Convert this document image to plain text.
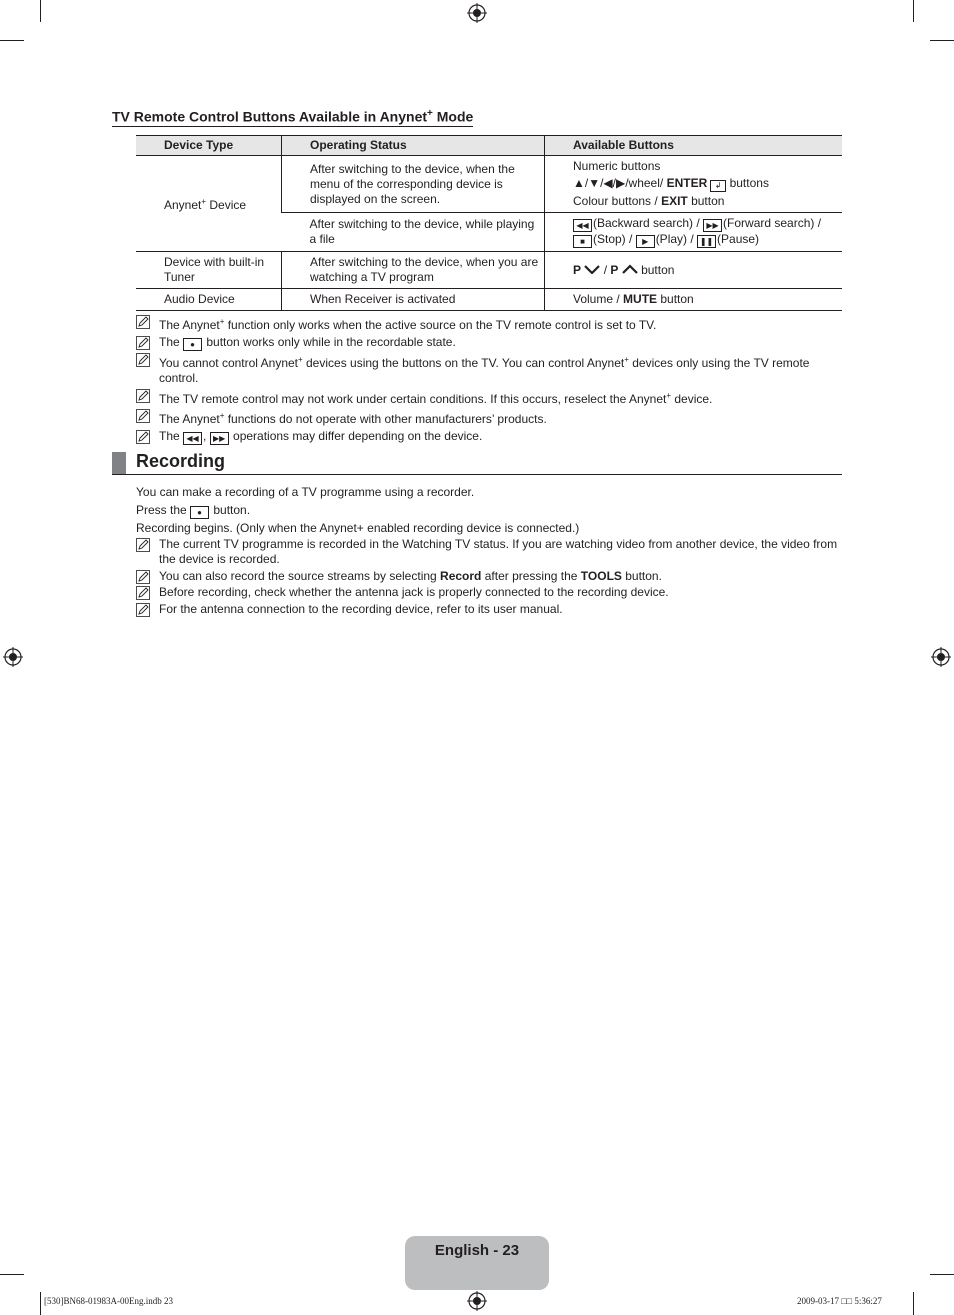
TV Remote Control Buttons Available in Anynet+ Mode
Device Type	Operating Status	Available Buttons
Anynet+ Device	After switching to the device, when the menu of the corresponding device is displayed on the screen.	Numeric buttons
▲/▼/◀/▶/wheel/ ENTER ↲ buttons
Colour buttons / EXIT button

	After switching to the device, while playing a file	◀◀ (Backward search) / ▶▶ (Forward search) /
■ (Stop) / ▶ (Play) / ❚❚ (Pause)

Device with built-in Tuner	After switching to the device, when you are watching a TV program	P  / P  button
Audio Device	When Receiver is activated	Volume / MUTE button
The Anynet+ function only works when the active source on the TV remote control is set to TV.
The ● button works only while in the recordable state.
You cannot control Anynet+ devices using the buttons on the TV. You can control Anynet+ devices only using the TV remote control.
The TV remote control may not work under certain conditions. If this occurs, reselect the Anynet+ device.
The Anynet+ functions do not operate with other manufacturers’ products.
The ◀◀ , ▶▶ operations may differ depending on the device.
Recording
You can make a recording of a TV programme using a recorder.
Press the ● button.
Recording begins. (Only when the Anynet+ enabled recording device is connected.)
The current TV programme is recorded in the Watching TV status. If you are watching video from another device, the video from the device is recorded.
You can also record the source streams by selecting Record after pressing the TOOLS button.
Before recording, check whether the antenna jack is properly connected to the recording device.
For the antenna connection to the recording device, refer to its user manual.
English - 23
[530]BN68-01983A-00Eng.indb 23	2009-03-17 □□ 5:36:27
